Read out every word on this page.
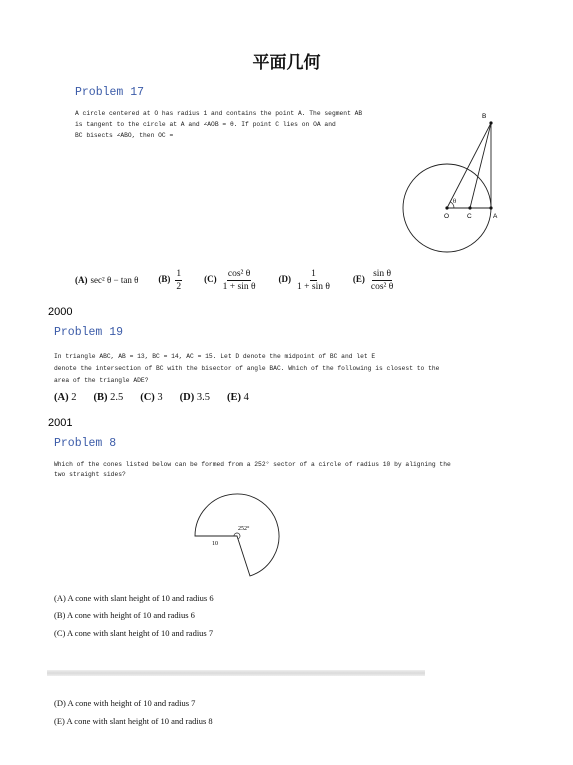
平面几何
Problem 17
A circle centered at O has radius 1 and contains the point A. The segment AB
is tangent to the circle at A and ∠AOB = θ. If point C lies on OA and
BC bisects ∠ABO, then OC =
B
O	C	A
θ
(A) sec² θ − tan θ $(B) \frac{1}{2} (C) \frac{\text{cos² θ}}{\text{1 + sin θ}} (D) \frac{1}{\text{1 + sin θ}} (E) \frac{\text{sin θ}}{\text{cos² θ}}$
2000
Problem 19
In triangle ABC, AB = 13, BC = 14, AC = 15. Let D denote the midpoint of BC and let E
denote the intersection of BC with the bisector of angle BAC. Which of the following is closest to the
area of the triangle ADE?
(A) 2 (B) 2.5 (C) 3 (D) 3.5 (E) 4
2001
Problem 8
Which of the cones listed below can be formed from a 252° sector of a circle of radius 10 by aligning the
two straight sides?
252°
10
(A) A cone with slant height of 10 and radius 6
(B) A cone with height of 10 and radius 6
(C) A cone with slant height of 10 and radius 7
(D) A cone with height of 10 and radius 7
(E) A cone with slant height of 10 and radius 8
